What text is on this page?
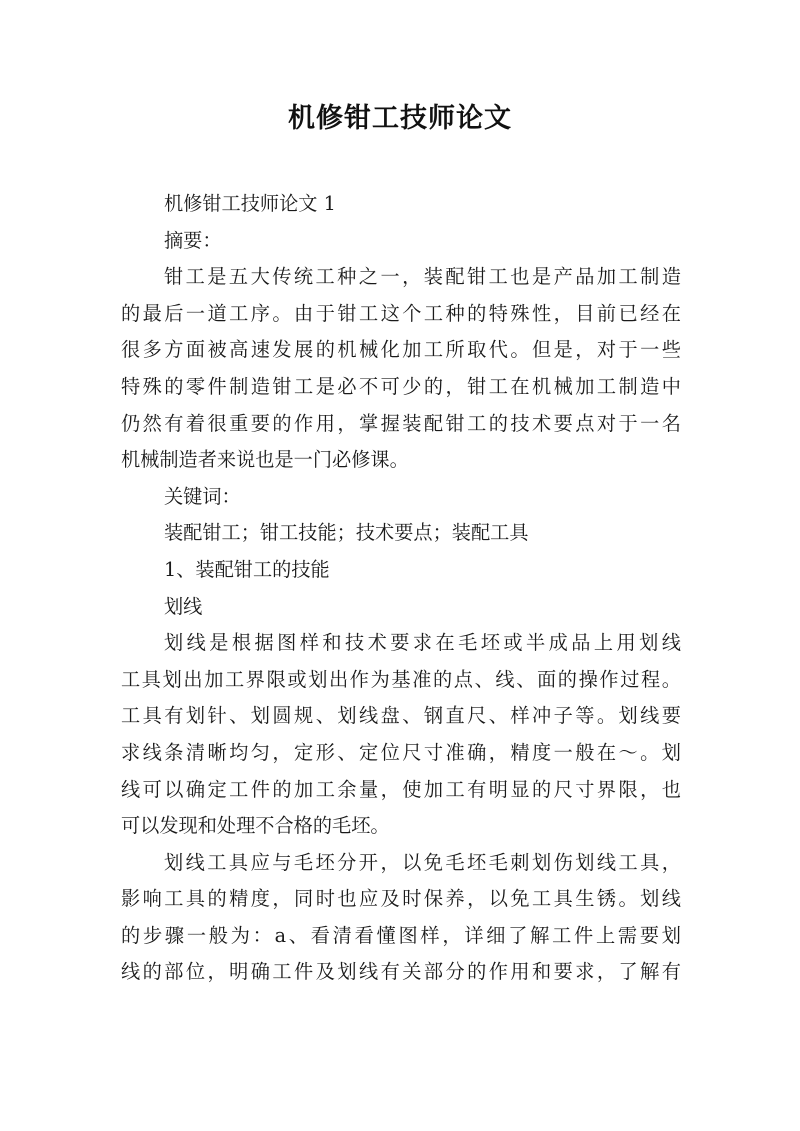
机修钳工技师论文
机修钳工技师论文 1
摘要：
钳工是五大传统工种之一，装配钳工也是产品加工制造
的最后一道工序。由于钳工这个工种的特殊性，目前已经在
很多方面被高速发展的机械化加工所取代。但是，对于一些
特殊的零件制造钳工是必不可少的，钳工在机械加工制造中
仍然有着很重要的作用，掌握装配钳工的技术要点对于一名
机械制造者来说也是一门必修课。
关键词：
装配钳工；钳工技能；技术要点；装配工具
1、装配钳工的技能
划线
划线是根据图样和技术要求在毛坯或半成品上用划线
工具划出加工界限或划出作为基准的点、线、面的操作过程。
工具有划针、划圆规、划线盘、钢直尺、样冲子等。划线要
求线条清晰均匀，定形、定位尺寸准确，精度一般在～。划
线可以确定工件的加工余量，使加工有明显的尺寸界限，也
可以发现和处理不合格的毛坯。
划线工具应与毛坯分开，以免毛坯毛刺划伤划线工具，
影响工具的精度，同时也应及时保养，以免工具生锈。划线
的步骤一般为：a、看清看懂图样，详细了解工件上需要划
线的部位，明确工件及划线有关部分的作用和要求，了解有
